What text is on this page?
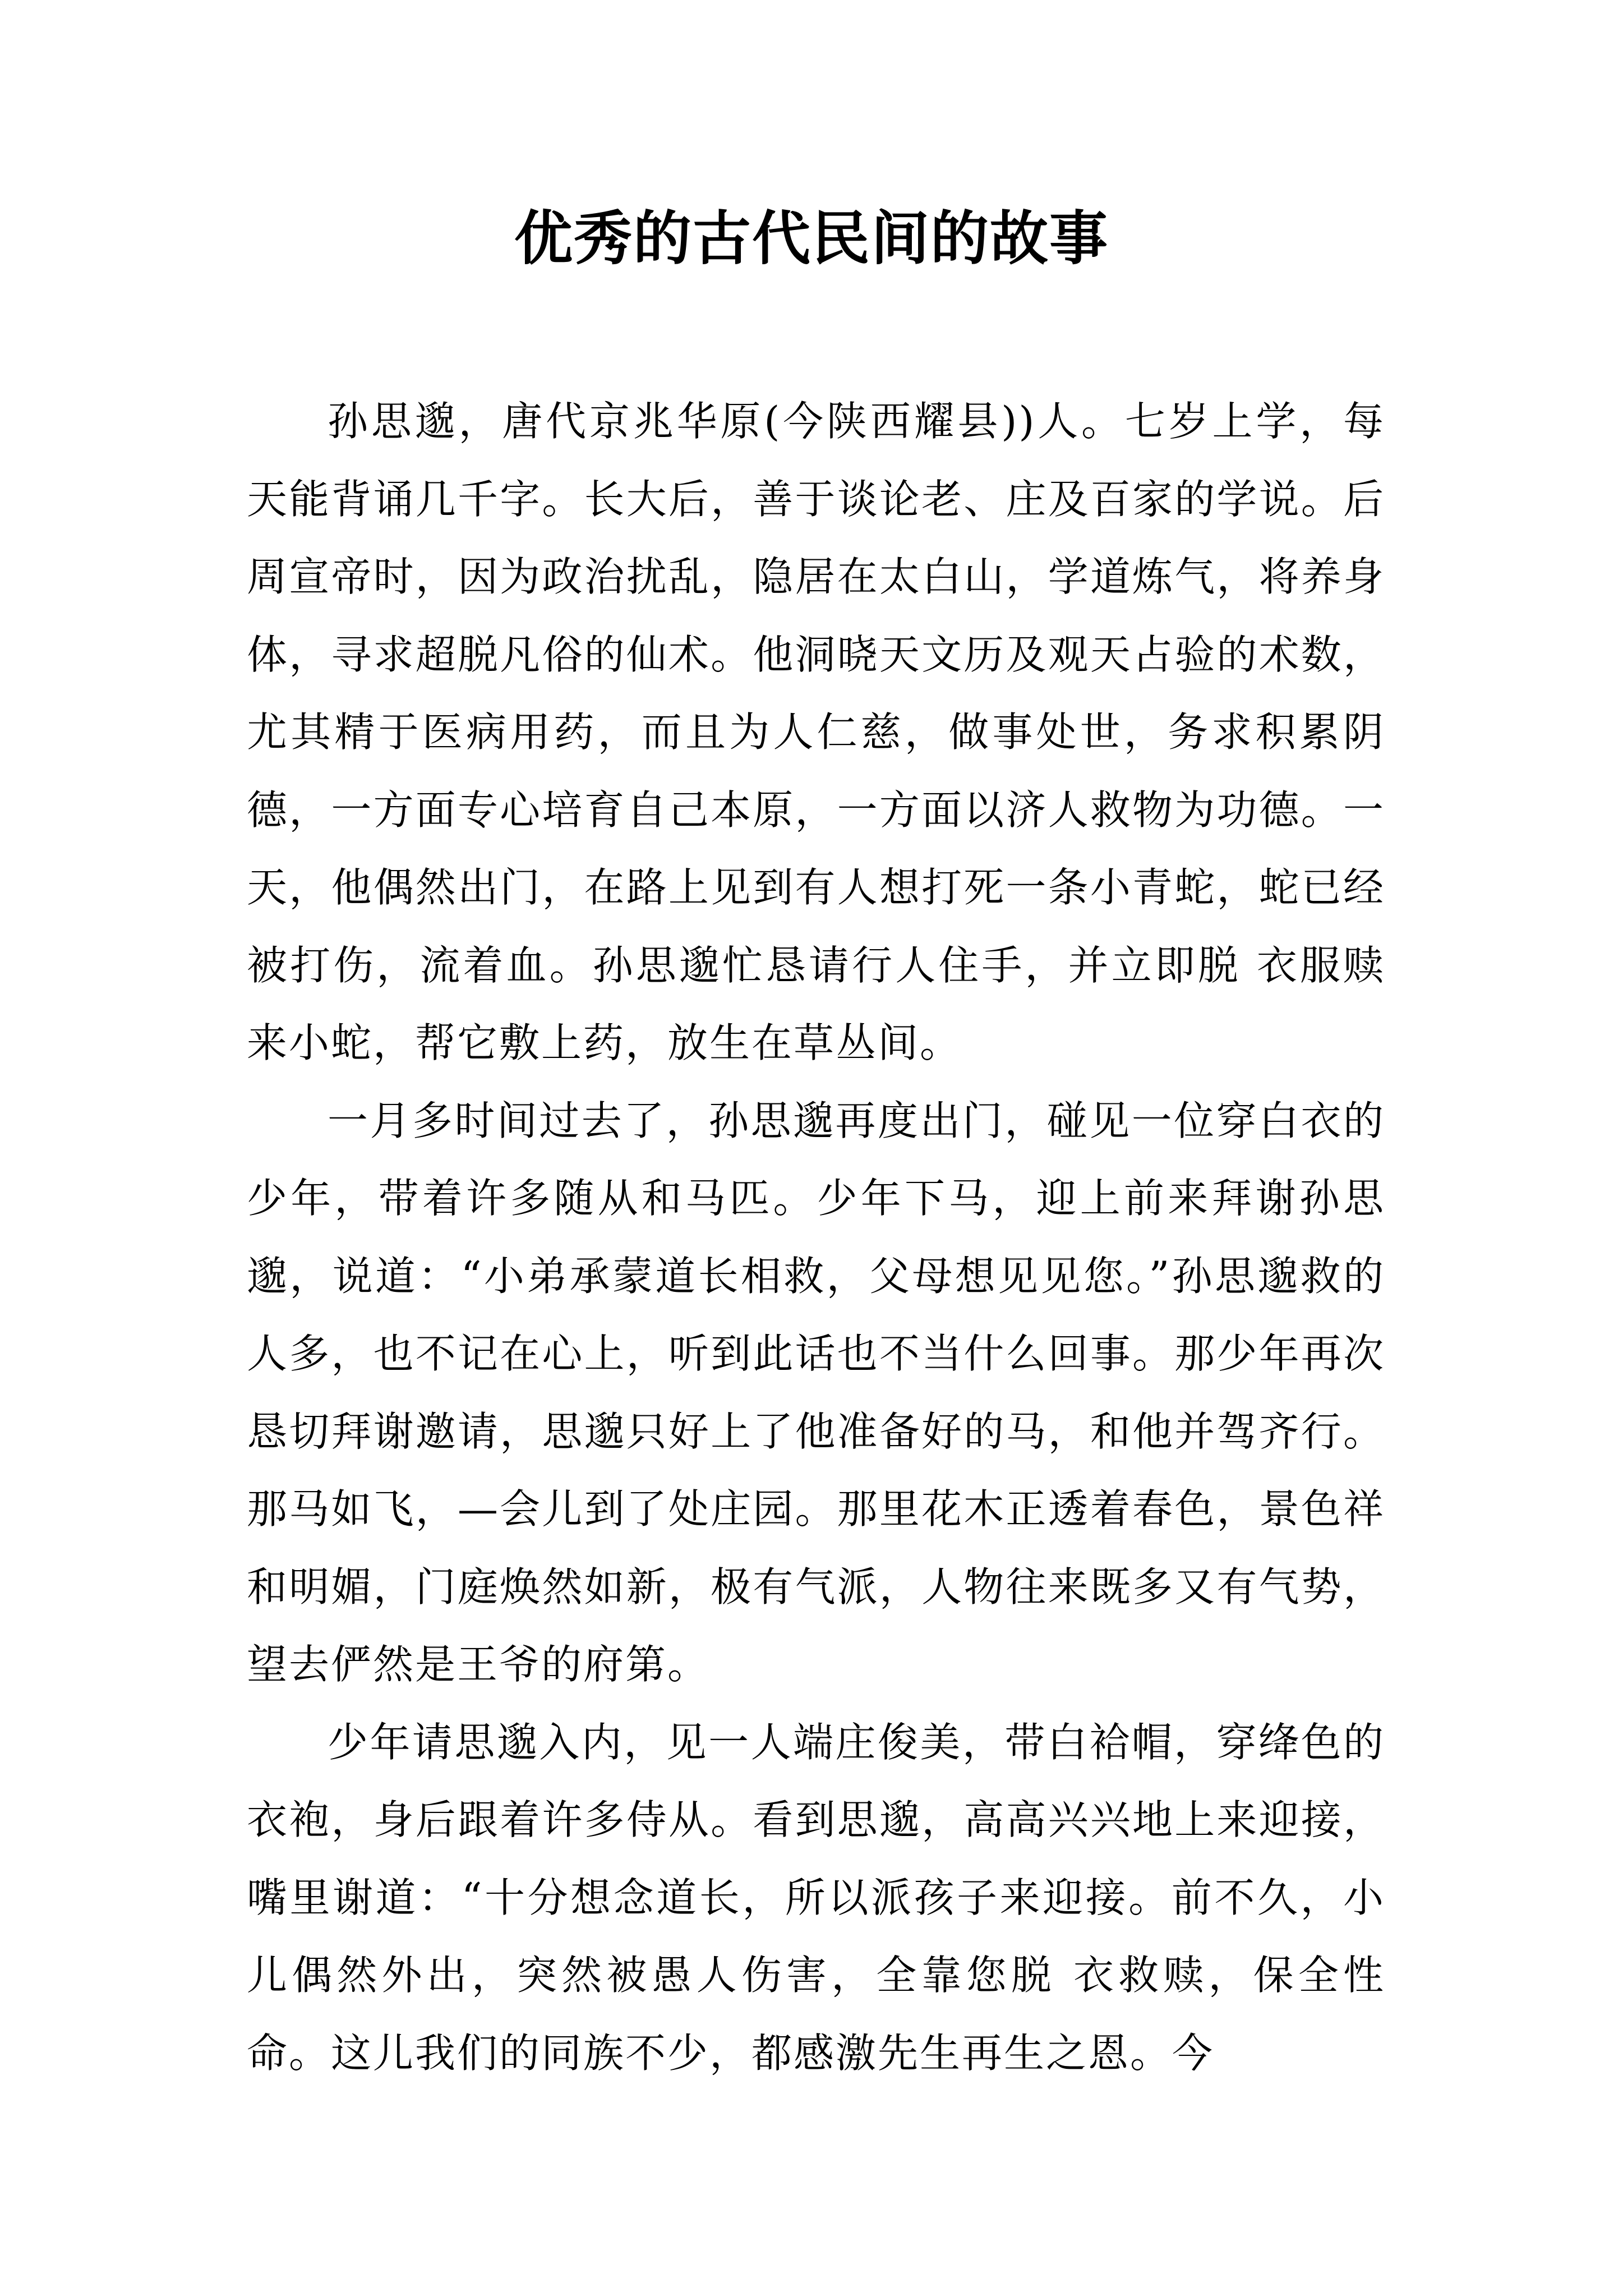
优秀的古代民间的故事

孙思邈，唐代京兆华原(今陕西耀县))人。七岁上学，每天能背诵几千字。长大后，善于谈论老、庄及百家的学说。后周宣帝时，因为政治扰乱，隐居在太白山，学道炼气，将养身体，寻求超脱凡俗的仙术。他洞晓天文历及观天占验的术数，尤其精于医病用药，而且为人仁慈，做事处世，务求积累阴德，一方面专心培育自己本原，一方面以济人救物为功德。一天，他偶然出门，在路上见到有人想打死一条小青蛇，蛇已经被打伤，流着血。孙思邈忙恳请行人住手，并立即脱 衣服赎来小蛇，帮它敷上药，放生在草丛间。

一月多时间过去了，孙思邈再度出门，碰见一位穿白衣的少年，带着许多随从和马匹。少年下马，迎上前来拜谢孙思邈，说道：“小弟承蒙道长相救，父母想见见您。”孙思邈救的人多，也不记在心上，听到此话也不当什么回事。那少年再次恳切拜谢邀请，思邈只好上了他准备好的马，和他并驾齐行。那马如飞，—会儿到了处庄园。那里花木正透着春色，景色祥和明媚，门庭焕然如新，极有气派，人物往来既多又有气势，望去俨然是王爷的府第。

少年请思邈入内，见一人端庄俊美，带白袷帽，穿绛色的衣袍，身后跟着许多侍从。看到思邈，高高兴兴地上来迎接，嘴里谢道：“十分想念道长，所以派孩子来迎接。前不久，小儿偶然外出，突然被愚人伤害，全靠您脱 衣救赎，保全性命。这儿我们的同族不少，都感激先生再生之恩。今
